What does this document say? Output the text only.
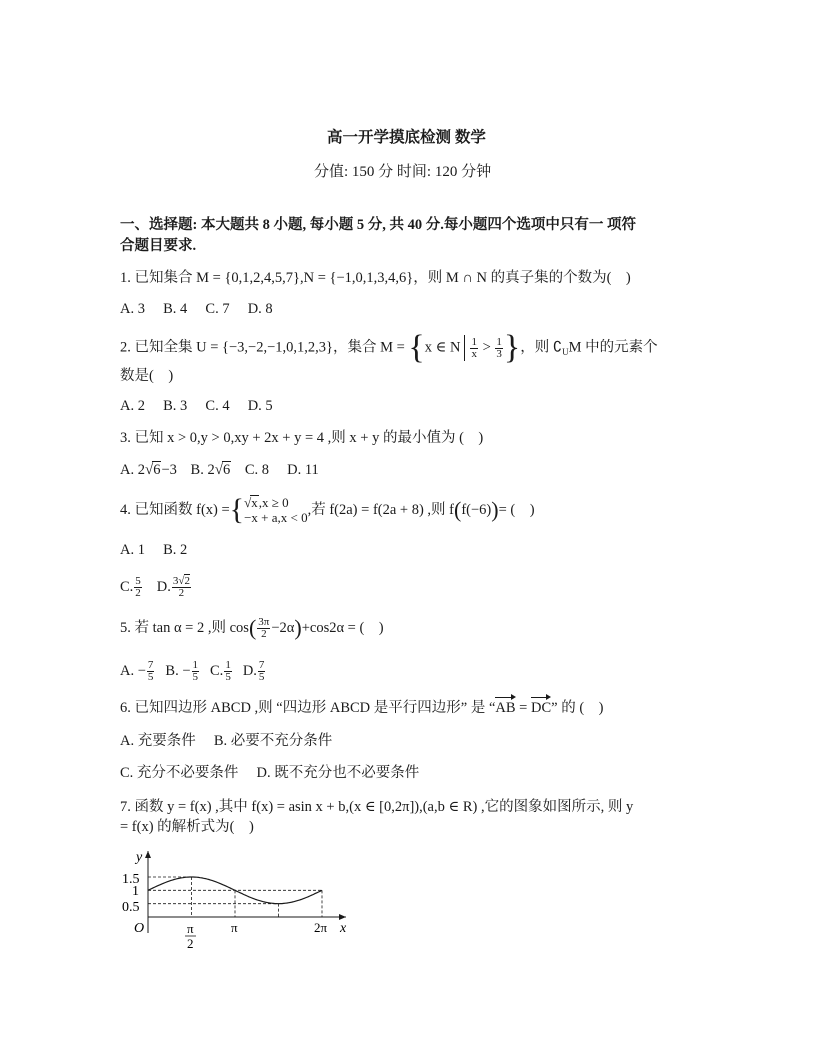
高一开学摸底检测 数学
分值: 150 分 时间: 120 分钟
一、选择题: 本大题共 8 小题, 每小题 5 分, 共 40 分.每小题四个选项中只有一 项符
合题目要求.
1. 已知集合 M = {0,1,2,4,5,7},N = {−1,0,1,3,4,6}，则 M ∩ N 的真子集的个数为(　)
A. 3　 B. 4　 C. 7　 D. 8
2. 已知全集 U = {−3,−2,−1,0,1,2,3}，集合 M = {x ∈ N $\frac{1}{x} > \frac{1}{3}$ }，则 $∁_UM$ 中的元素个
数是(　)
A. 2　 B. 3　 C. 4　 D. 5
3. 已知 x > 0,y > 0,xy + 2x + y = 4 ,则 x + y 的最小值为 (　)
A. 2√6−3 B. 2√6 C. 8　 D. 11
4. 已知函数 f(x) = { √x,x ≥ 0
−x + a,x < 0 ,若 f(2a) = f(2a + 8) ,则 f ( f(−6) ) = (　)
A. 1　 B. 2
C. $\frac{5}{2} D$. $\frac{3√2}{2}$
5. 若 tan α = 2 ,则 cos ( $\frac{3\pi}{2} -2\alpha$ ) +cos2α = (　)
A. − $\frac{7}{5} B$. − $\frac{1}{5} C$. $\frac{1}{5} D$. $\frac{7}{5}$
6. 已知四边形 ABCD ,则 “四边形 ABCD 是平行四边形” 是 “AB = DC” 的 (　)
A. 充要条件　 B. 必要不充分条件
C. 充分不必要条件　 D. 既不充分也不必要条件
7. 函数 y = f(x) ,其中 f(x) = asin x + b,(x ∈ [0,2π]),(a,b ∈ R) ,它的图象如图所示, 则 y
= f(x) 的解析式为(　)
y
x
O
1.5
1
0.5
π
2
π	2π
